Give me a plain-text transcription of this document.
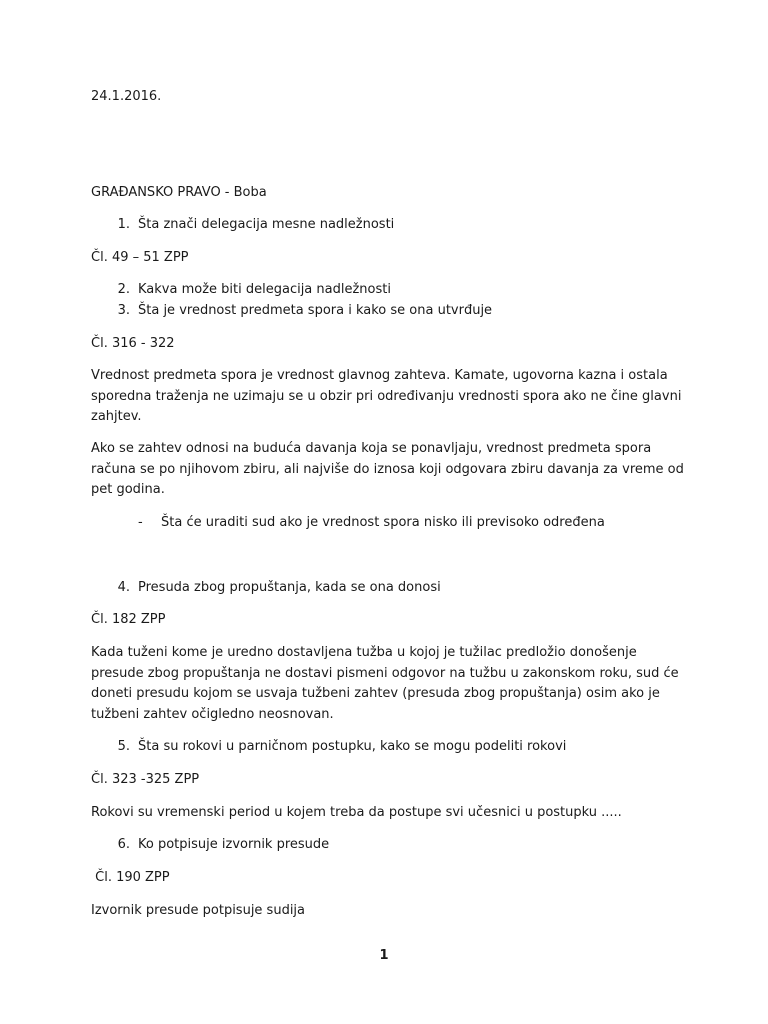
24.1.2016.

GRAĐANSKO PRAVO - Boba

1. Šta znači delegacija mesne nadležnosti

Čl. 49 – 51 ZPP

2. Kakva može biti delegacija nadležnosti

3. Šta je vrednost predmeta spora i kako se ona utvrđuje

Čl. 316 - 322

Vrednost predmeta spora je vrednost glavnog zahteva. Kamate, ugovorna kazna i ostala sporedna traženja ne uzimaju se u obzir pri određivanju vrednosti spora ako ne čine glavni zahjtev.

Ako se zahtev odnosi na buduća davanja koja se ponavljaju, vrednost predmeta spora računa se po njihovom zbiru, ali najviše do iznosa koji odgovara zbiru davanja za vreme od pet godina.

- Šta će uraditi sud ako je vrednost spora nisko ili previsoko određena

4. Presuda zbog propuštanja, kada se ona donosi

Čl. 182 ZPP

Kada tuženi kome je uredno dostavljena tužba u kojoj je tužilac predložio donošenje presude zbog propuštanja ne dostavi pismeni odgovor na tužbu u zakonskom roku, sud će doneti presudu kojom se usvaja tužbeni zahtev (presuda zbog propuštanja) osim ako je tužbeni zahtev očigledno neosnovan.

5. Šta su rokovi u parničnom postupku, kako se mogu podeliti rokovi

Čl. 323 -325 ZPP

Rokovi su vremenski period u kojem treba da postupe svi učesnici u postupku .....

6. Ko potpisuje izvornik presude

Čl. 190 ZPP

Izvornik presude potpisuje sudija

1
